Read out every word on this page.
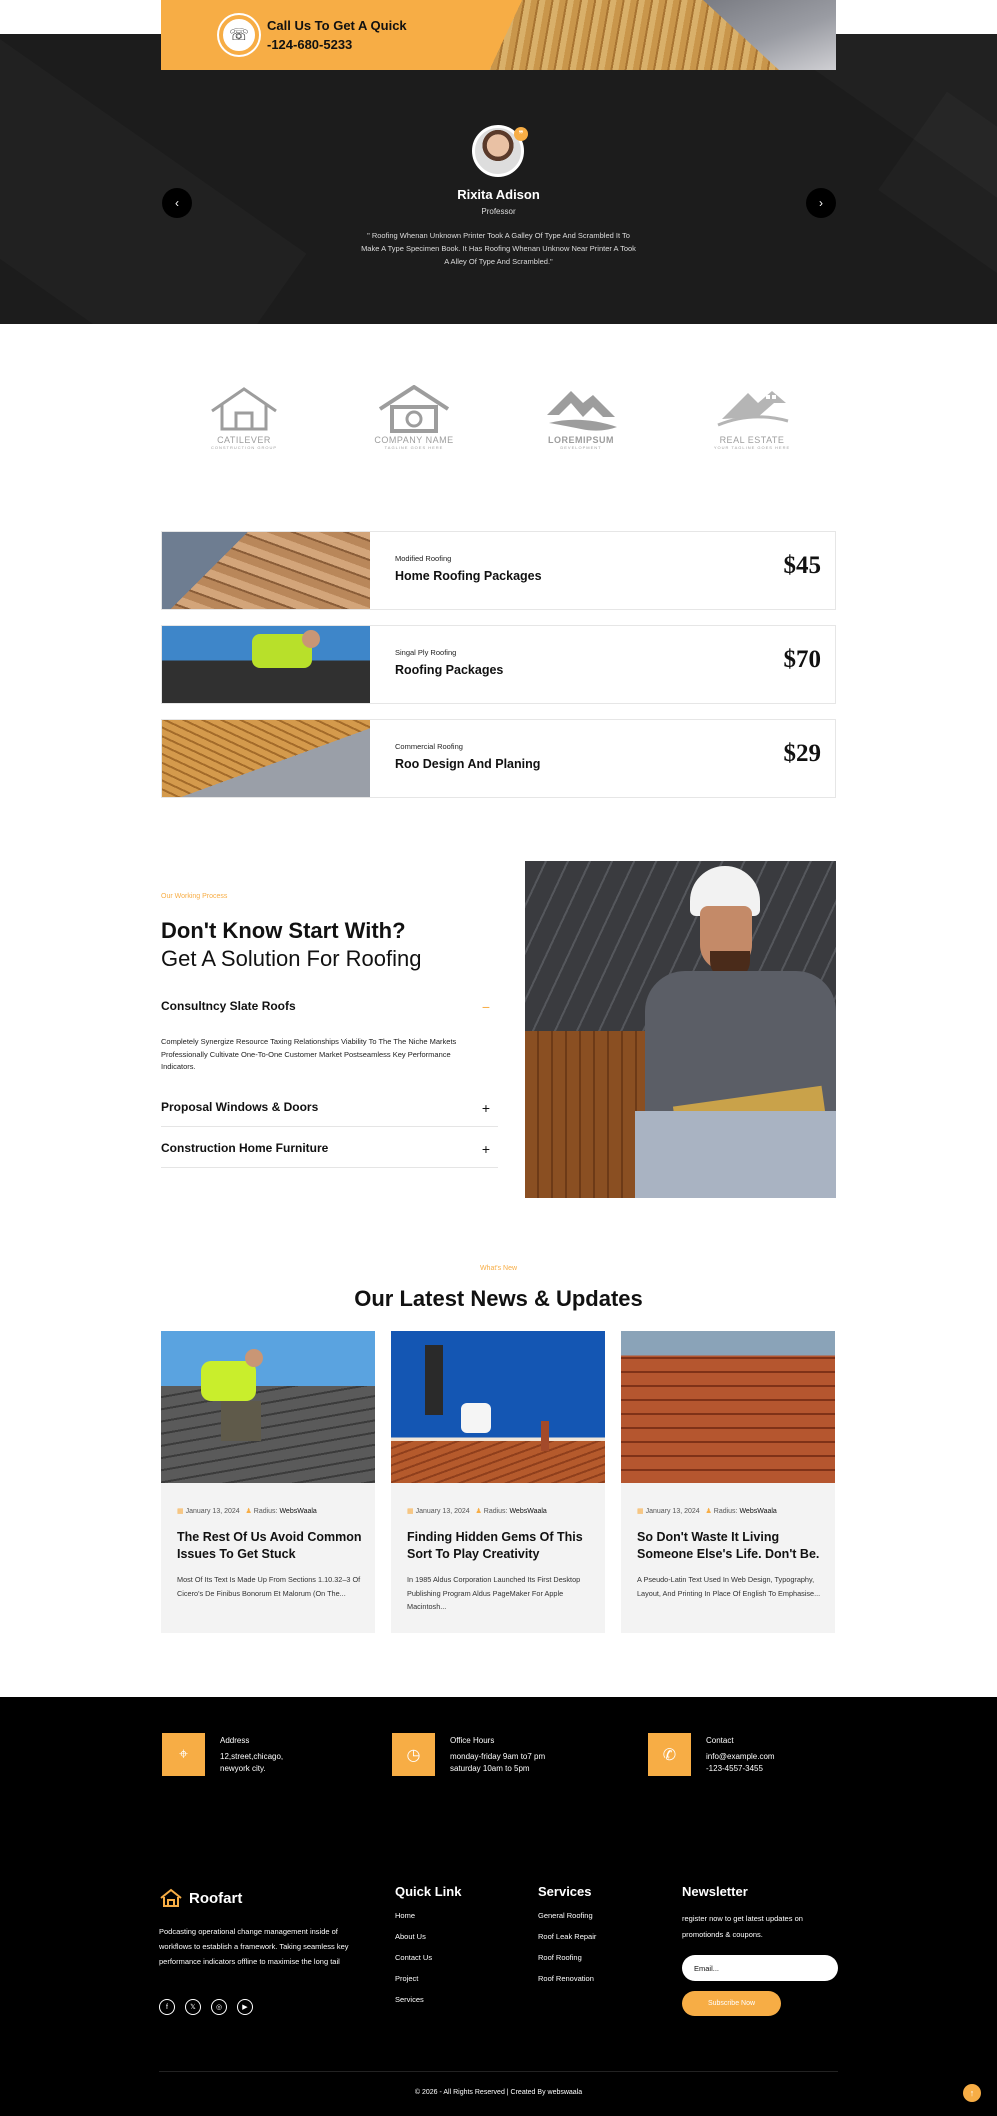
☏
Call Us To Get A Quick
-124-680-5233
‹	›
❞
Rixita Adison
Professor
" Roofing Whenan Unknown Printer Took A Galley Of Type And Scrambled It To Make A Type Specimen Book. It Has Roofing Whenan Unknow Near Printer A Took A Alley Of Type And Scrambled."
CATILEVER
CONSTRUCTION GROUP
COMPANY NAME
TAGLINE GOES HERE
LOREMIPSUM
DEVELOPMENT
REAL ESTATE
YOUR TAGLINE GOES HERE
Modified Roofing
Home Roofing Packages	$45
Singal Ply Roofing
Roofing Packages	$70
Commercial Roofing
Roo Design And Planing	$29
Our Working Process
Don't Know Start With?
Get A Solution For Roofing
Consultncy Slate Roofs	−
Completely Synergize Resource Taxing Relationships Viability To The The Niche Markets Professionally Cultivate One-To-One Customer Market Postseamless Key Performance Indicators.
Proposal Windows & Doors	+
Construction Home Furniture	+
What's New
Our Latest News & Updates
▦ January 13, 2024 ♟ Radius: WebsWaala
The Rest Of Us Avoid Common Issues To Get Stuck
Most Of Its Text Is Made Up From Sections 1.10.32–3 Of Cicero's De Finibus Bonorum Et Malorum (On The...
▦ January 13, 2024 ♟ Radius: WebsWaala
Finding Hidden Gems Of This Sort To Play Creativity
In 1985 Aldus Corporation Launched Its First Desktop Publishing Program Aldus PageMaker For Apple Macintosh...
▦ January 13, 2024 ♟ Radius: WebsWaala
So Don't Waste It Living Someone Else's Life. Don't Be.
A Pseudo-Latin Text Used In Web Design, Typography, Layout, And Printing In Place Of English To Emphasise...
⌖
Address
12,street,chicago,
newyork city.
◷
Office Hours
monday-friday 9am to7 pm
saturday 10am to 5pm
✆
Contact
info@example.com
-123-4557-3455
Roofart
Podcasting operational change management inside of workflows to establish a framework. Taking seamless key performance indicators offline to maximise the long tail
f	𝕏	◎	▶
Quick Link
Home
About Us
Contact Us
Project
Services
Services
General Roofing
Roof Leak Repair
Roof Roofing
Roof Renovation
Newsletter
register now to get latest updates on promotionds & coupons.
Email...
Subscribe Now
© 2026 - All Rights Reserved | Created By webswaala	↑
